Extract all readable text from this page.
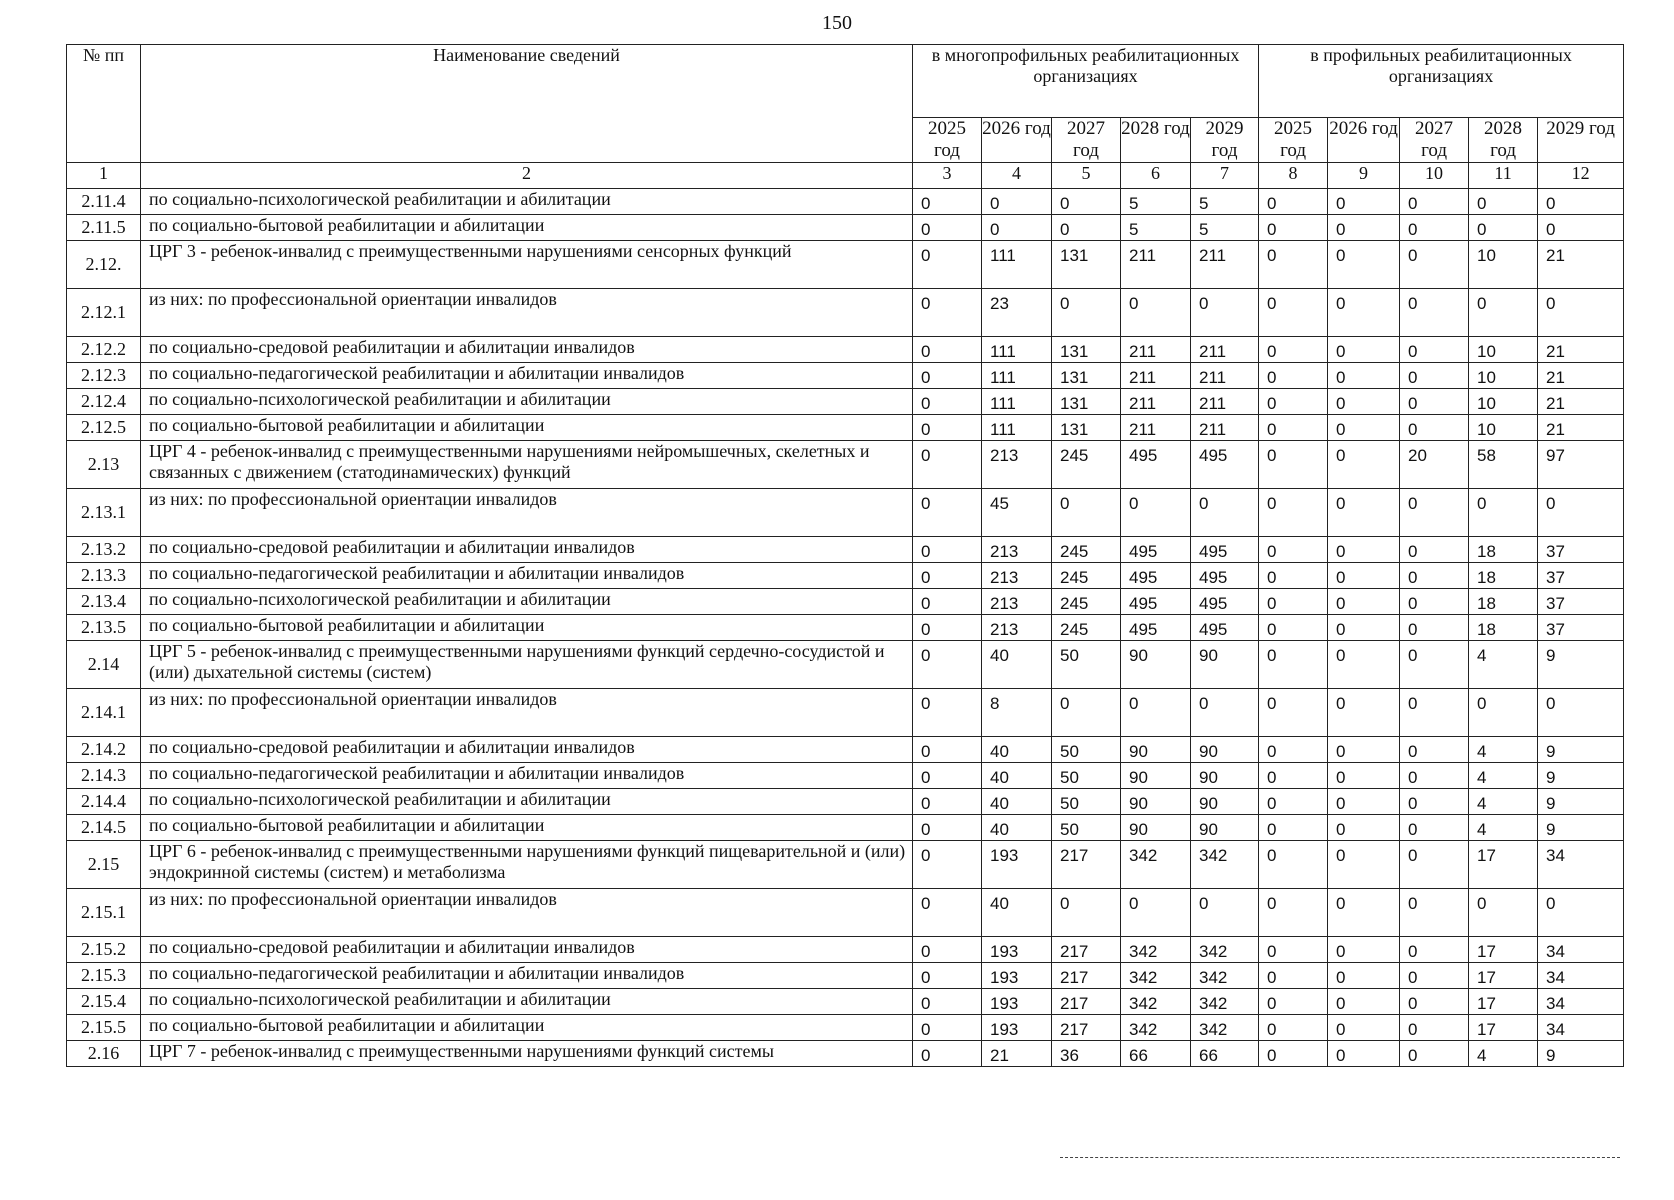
150
№ пп	Наименование сведений	в многопрофильных реабилитационных организациях					в профильных реабилитационных организациях				

		2025 год	2026 год	2027 год	2028 год	2029 год	2025 год	2026 год	2027 год	2028 год	2029 год
1	2	3	4	5	6	7	8	9	10	11	12
2.11.4	по социально-психологической реабилитации и абилитации	0	0	0	5	5	0	0	0	0	0
2.11.5	по социально-бытовой реабилитации и абилитации	0	0	0	5	5	0	0	0	0	0
2.12.	ЦРГ 3 - ребенок-инвалид с преимущественными нарушениями сенсорных функций	0	111	131	211	211	0	0	0	10	21
2.12.1	из них: по профессиональной ориентации инвалидов	0	23	0	0	0	0	0	0	0	0
2.12.2	по социально-средовой реабилитации и абилитации инвалидов	0	111	131	211	211	0	0	0	10	21
2.12.3	по социально-педагогической реабилитации и абилитации инвалидов	0	111	131	211	211	0	0	0	10	21
2.12.4	по социально-психологической реабилитации и абилитации	0	111	131	211	211	0	0	0	10	21
2.12.5	по социально-бытовой реабилитации и абилитации	0	111	131	211	211	0	0	0	10	21
2.13	ЦРГ 4 - ребенок-инвалид с преимущественными нарушениями нейромышечных, скелетных и связанных с движением (статодинамических) функций	0	213	245	495	495	0	0	20	58	97
2.13.1	из них: по профессиональной ориентации инвалидов	0	45	0	0	0	0	0	0	0	0
2.13.2	по социально-средовой реабилитации и абилитации инвалидов	0	213	245	495	495	0	0	0	18	37
2.13.3	по социально-педагогической реабилитации и абилитации инвалидов	0	213	245	495	495	0	0	0	18	37
2.13.4	по социально-психологической реабилитации и абилитации	0	213	245	495	495	0	0	0	18	37
2.13.5	по социально-бытовой реабилитации и абилитации	0	213	245	495	495	0	0	0	18	37
2.14	ЦРГ 5 - ребенок-инвалид с преимущественными нарушениями функций сердечно-сосудистой и (или) дыхательной системы (систем)	0	40	50	90	90	0	0	0	4	9
2.14.1	из них: по профессиональной ориентации инвалидов	0	8	0	0	0	0	0	0	0	0
2.14.2	по социально-средовой реабилитации и абилитации инвалидов	0	40	50	90	90	0	0	0	4	9
2.14.3	по социально-педагогической реабилитации и абилитации инвалидов	0	40	50	90	90	0	0	0	4	9
2.14.4	по социально-психологической реабилитации и абилитации	0	40	50	90	90	0	0	0	4	9
2.14.5	по социально-бытовой реабилитации и абилитации	0	40	50	90	90	0	0	0	4	9
2.15	ЦРГ 6 - ребенок-инвалид с преимущественными нарушениями функций пищеварительной и (или) эндокринной системы (систем) и метаболизма	0	193	217	342	342	0	0	0	17	34
2.15.1	из них: по профессиональной ориентации инвалидов	0	40	0	0	0	0	0	0	0	0
2.15.2	по социально-средовой реабилитации и абилитации инвалидов	0	193	217	342	342	0	0	0	17	34
2.15.3	по социально-педагогической реабилитации и абилитации инвалидов	0	193	217	342	342	0	0	0	17	34
2.15.4	по социально-психологической реабилитации и абилитации	0	193	217	342	342	0	0	0	17	34
2.15.5	по социально-бытовой реабилитации и абилитации	0	193	217	342	342	0	0	0	17	34
2.16	ЦРГ 7 - ребенок-инвалид с преимущественными нарушениями функций системы	0	21	36	66	66	0	0	0	4	9
